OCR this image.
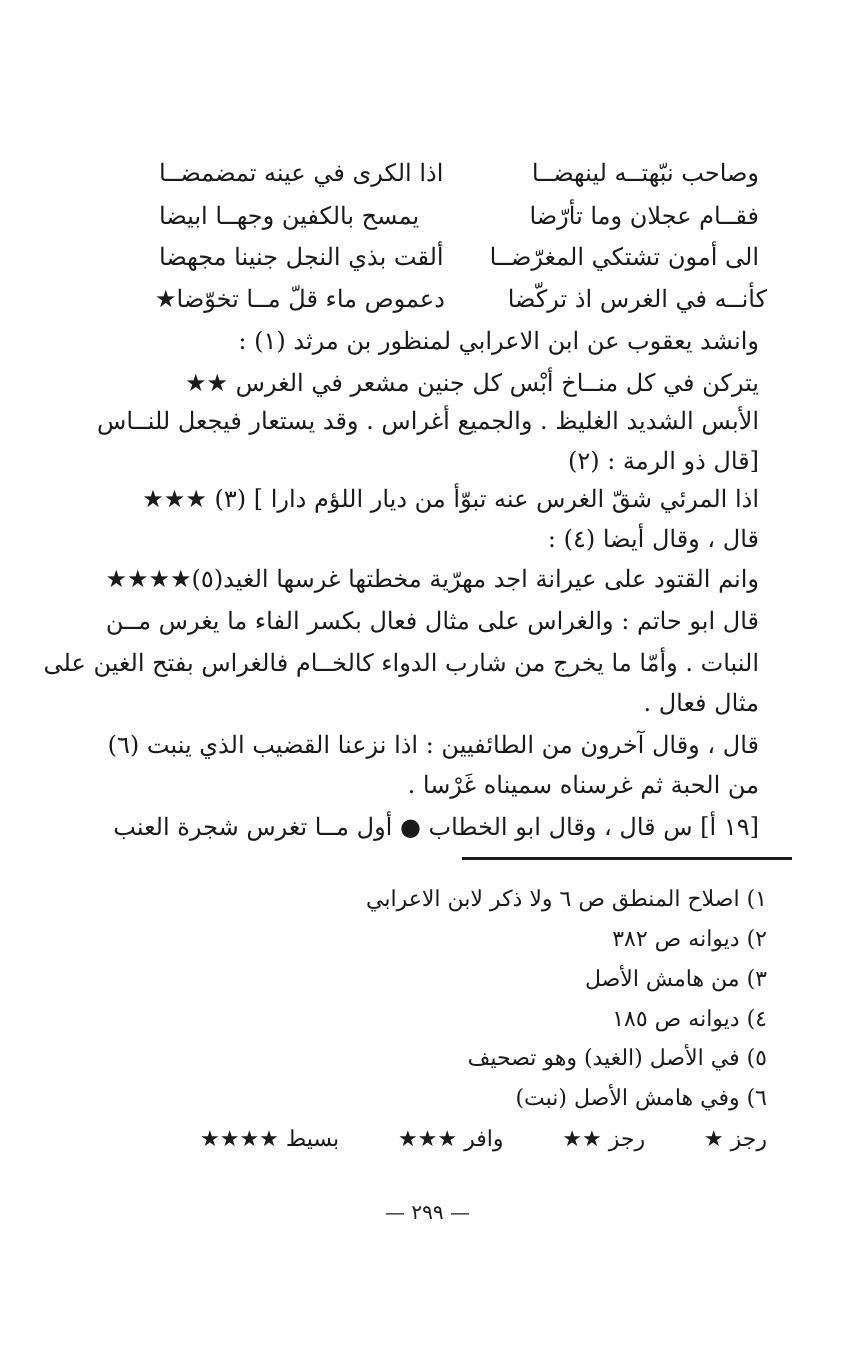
وصاحب نبّهتــه لينهضــا
اذا الكرى في عينه تمضمضــا
فقــام عجلان وما تأرّضا
يمسح بالكفين وجهــا ابيضا
الى أمون تشتكي المغرّضــا
ألقت بذي النجل جنينا مجهضا
كأنــه في الغرس اذ تركّضا
دعموص ماء قلّ مــا تخوّضا★
وانشد يعقوب عن ابن الاعرابي لمنظور بن مرثد (١) :
يتركن في كل منــاخ أبْس كل جنين مشعر في الغرس ★★
الأبس الشديد الغليظ . والجميع أغراس . وقد يستعار فيجعل للنــاس
[قال ذو الرمة : (٢)
اذا المرئي شقّ الغرس عنه تبوّأ من ديار اللؤم دارا ] (٣) ★★★
قال ، وقال أيضا (٤) :
وانم القتود على عيرانة اجد مهرّية مخطتها غرسها الغيد(٥)★★★★
قال ابو حاتم : والغراس على مثال فعال بكسر الفاء ما يغرس مــن
النبات . وأمّا ما يخرج من شارب الدواء كالخــام فالغراس بفتح الغين على
مثال فعال .
قال ، وقال آخرون من الطائفيين : اذا نزعنا القضيب الذي ينبت (٦)
من الحبة ثم غرسناه سميناه غَرْسا .
[١٩ أ] س قال ، وقال ابو الخطاب ● أول مــا تغرس شجرة العنب
١) اصلاح المنطق ص ٦ ولا ذكر لابن الاعرابي
٢) ديوانه ص ٣٨٢
٣) من هامش الأصل
٤) ديوانه ص ١٨٥
٥) في الأصل (الغيد) وهو تصحيف
٦) وفي هامش الأصل (نبت)
★ رجز
★★ رجز
★★★ وافر
★★★★ بسيط
— ٢٩٩ —
